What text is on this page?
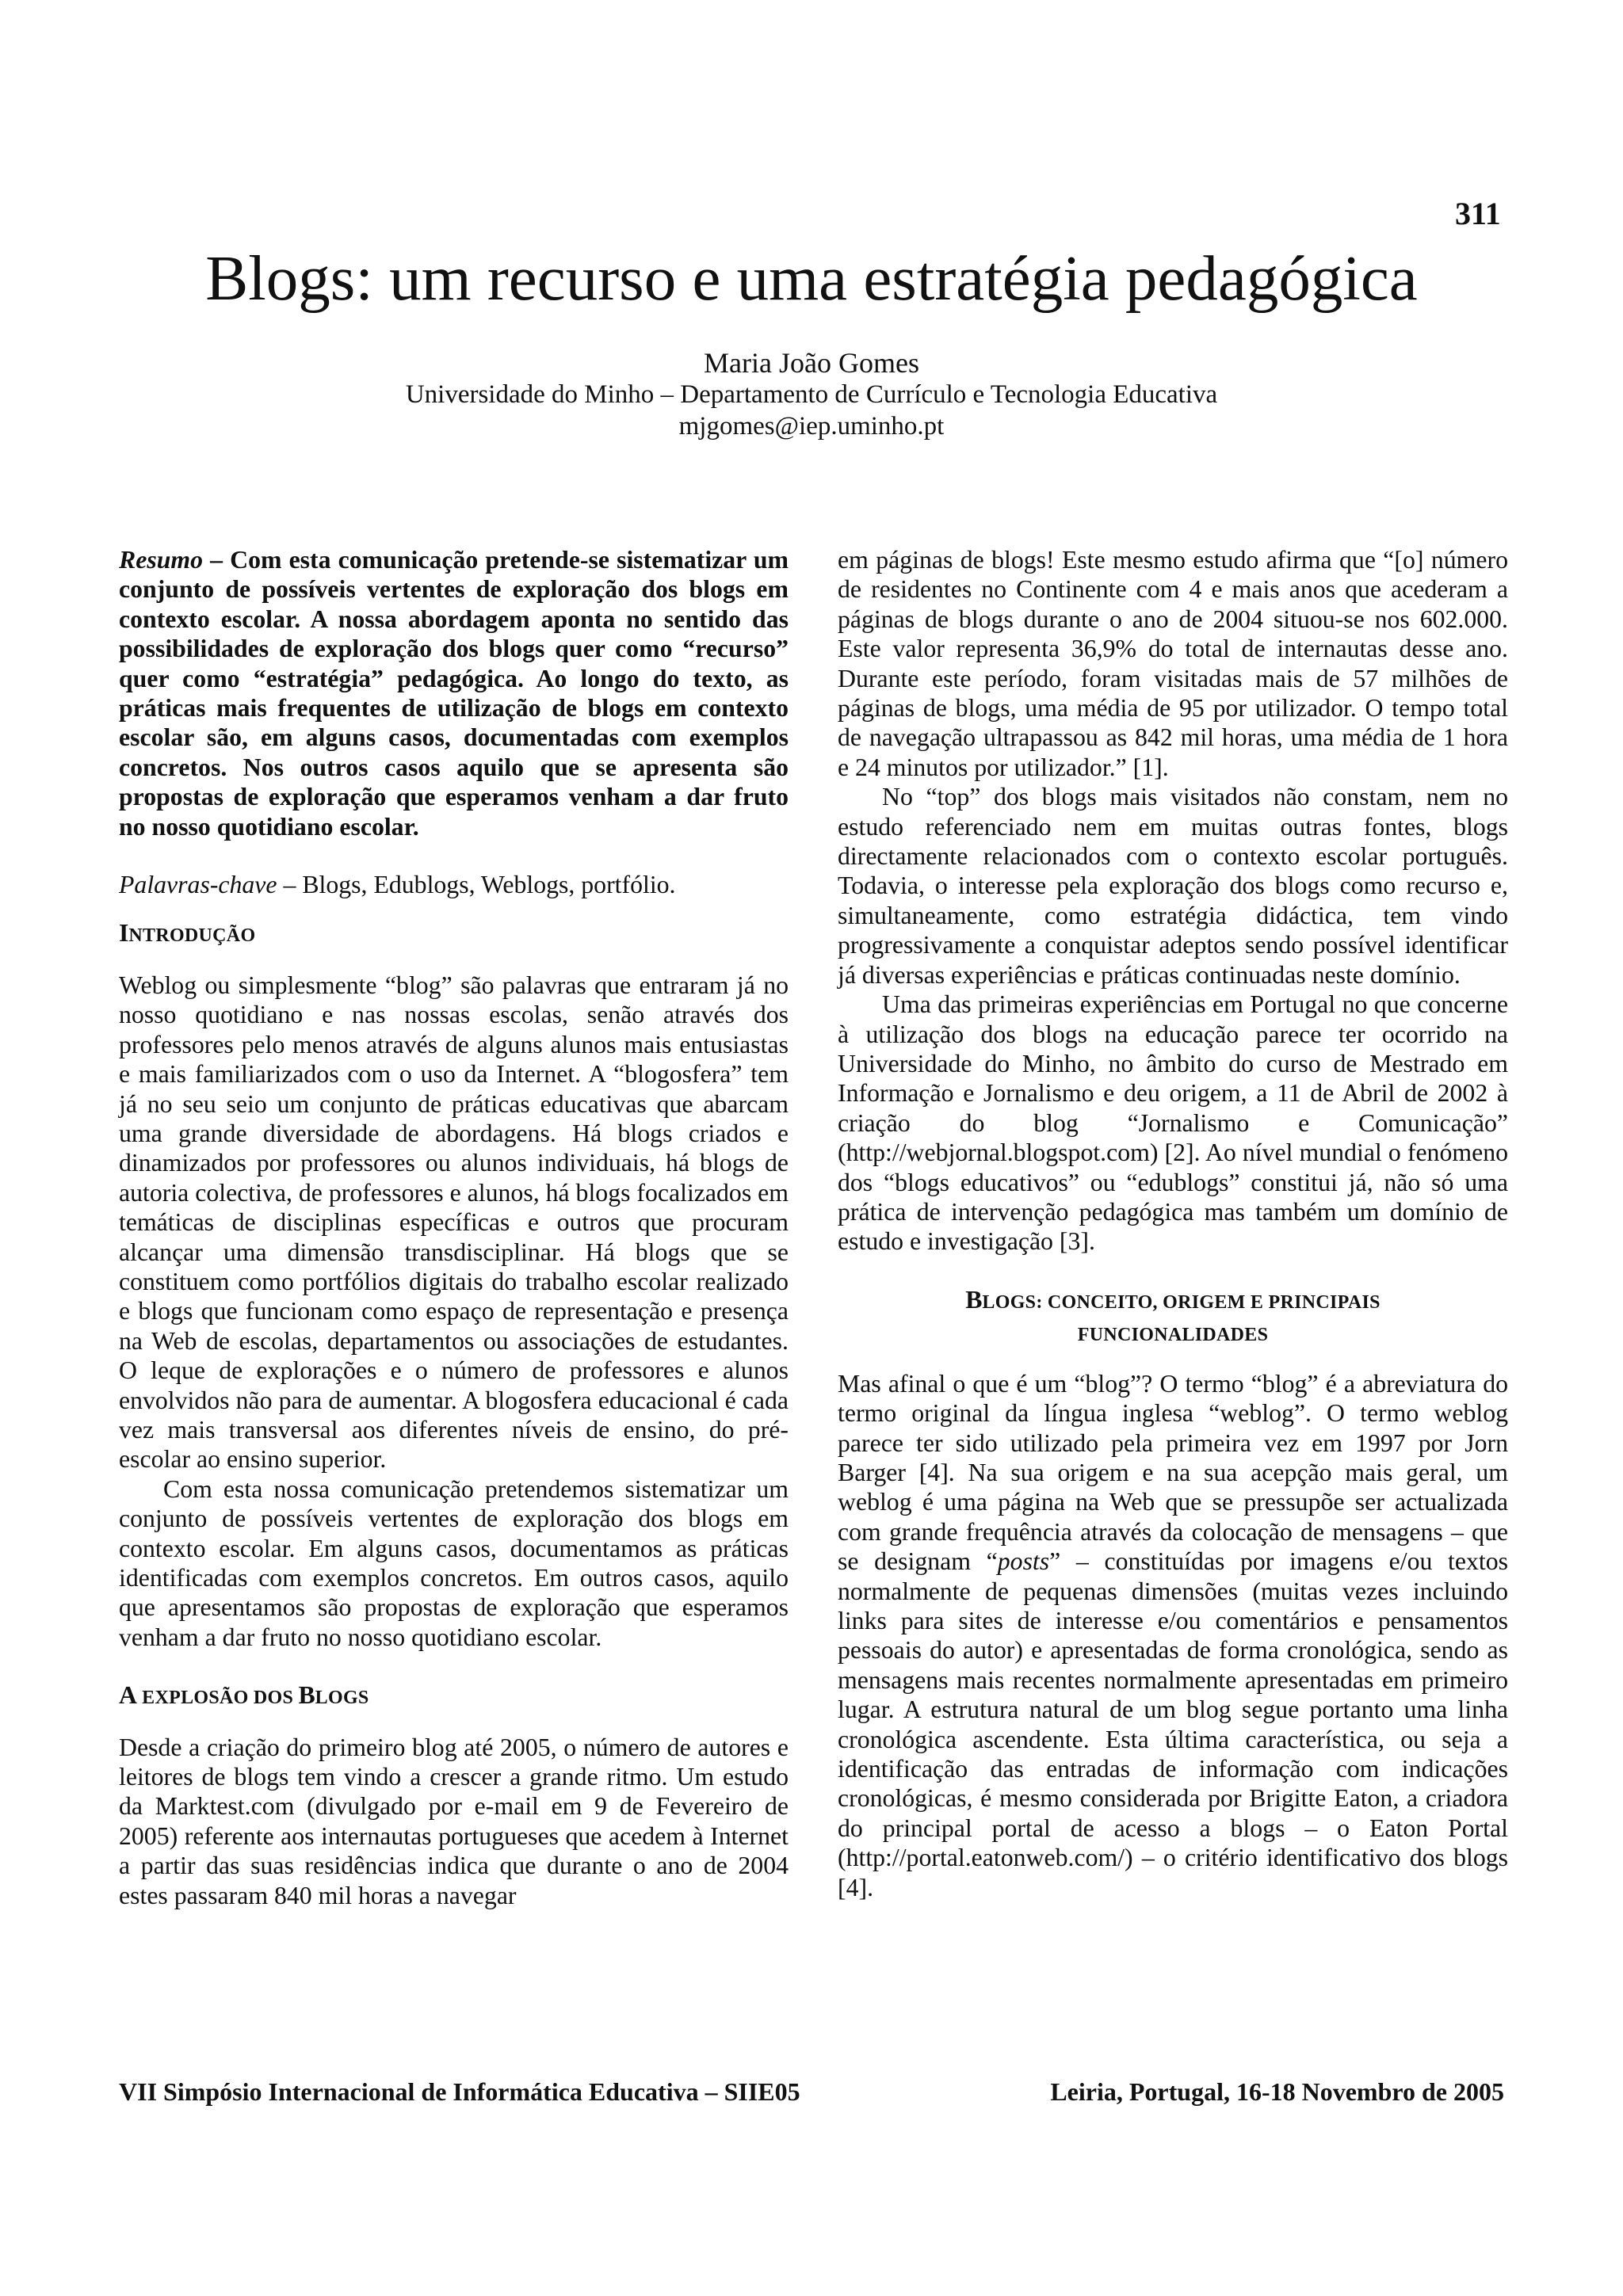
311
Blogs: um recurso e uma estratégia pedagógica
Maria João Gomes
Universidade do Minho – Departamento de Currículo e Tecnologia Educativa
mjgomes@iep.uminho.pt

Resumo – Com esta comunicação pretende-se sistematizar um conjunto de possíveis vertentes de exploração dos blogs em contexto escolar. A nossa abordagem aponta no sentido das possibilidades de exploração dos blogs quer como “recurso” quer como “estratégia” pedagógica. Ao longo do texto, as práticas mais frequentes de utilização de blogs em contexto escolar são, em alguns casos, documentadas com exemplos concretos. Nos outros casos aquilo que se apresenta são propostas de exploração que esperamos venham a dar fruto no nosso quotidiano escolar.

Palavras-chave – Blogs, Edublogs, Weblogs, portfólio.

INTRODUÇÃO

Weblog ou simplesmente “blog” são palavras que entraram já no nosso quotidiano e nas nossas escolas, senão através dos professores pelo menos através de alguns alunos mais entusiastas e mais familiarizados com o uso da Internet. A “blogosfera” tem já no seu seio um conjunto de práticas educativas que abarcam uma grande diversidade de abordagens. Há blogs criados e dinamizados por professores ou alunos individuais, há blogs de autoria colectiva, de professores e alunos, há blogs focalizados em temáticas de disciplinas específicas e outros que procuram alcançar uma dimensão transdisciplinar. Há blogs que se constituem como portfólios digitais do trabalho escolar realizado e blogs que funcionam como espaço de representação e presença na Web de escolas, departamentos ou associações de estudantes. O leque de explorações e o número de professores e alunos envolvidos não para de aumentar. A blogosfera educacional é cada vez mais transversal aos diferentes níveis de ensino, do pré-escolar ao ensino superior.

Com esta nossa comunicação pretendemos sistematizar um conjunto de possíveis vertentes de exploração dos blogs em contexto escolar. Em alguns casos, documentamos as práticas identificadas com exemplos concretos. Em outros casos, aquilo que apresentamos são propostas de exploração que esperamos venham a dar fruto no nosso quotidiano escolar.

A EXPLOSÃO DOS BLOGS

Desde a criação do primeiro blog até 2005, o número de autores e leitores de blogs tem vindo a crescer a grande ritmo. Um estudo da Marktest.com (divulgado por e-mail em 9 de Fevereiro de 2005) referente aos internautas portugueses que acedem à Internet a partir das suas residências indica que durante o ano de 2004 estes passaram 840 mil horas a navegar

em páginas de blogs! Este mesmo estudo afirma que “[o] número de residentes no Continente com 4 e mais anos que acederam a páginas de blogs durante o ano de 2004 situou-se nos 602.000. Este valor representa 36,9% do total de internautas desse ano. Durante este período, foram visitadas mais de 57 milhões de páginas de blogs, uma média de 95 por utilizador. O tempo total de navegação ultrapassou as 842 mil horas, uma média de 1 hora e 24 minutos por utilizador.” [1].

No “top” dos blogs mais visitados não constam, nem no estudo referenciado nem em muitas outras fontes, blogs directamente relacionados com o contexto escolar português. Todavia, o interesse pela exploração dos blogs como recurso e, simultaneamente, como estratégia didáctica, tem vindo progressivamente a conquistar adeptos sendo possível identificar já diversas experiências e práticas continuadas neste domínio.

Uma das primeiras experiências em Portugal no que concerne à utilização dos blogs na educação parece ter ocorrido na Universidade do Minho, no âmbito do curso de Mestrado em Informação e Jornalismo e deu origem, a 11 de Abril de 2002 à criação do blog “Jornalismo e Comunicação” (http://webjornal.blogspot.com) [2]. Ao nível mundial o fenómeno dos “blogs educativos” ou “edublogs” constitui já, não só uma prática de intervenção pedagógica mas também um domínio de estudo e investigação [3].

BLOGS: CONCEITO, ORIGEM E PRINCIPAIS
FUNCIONALIDADES

Mas afinal o que é um “blog”? O termo “blog” é a abreviatura do termo original da língua inglesa “weblog”. O termo weblog parece ter sido utilizado pela primeira vez em 1997 por Jorn Barger [4]. Na sua origem e na sua acepção mais geral, um weblog é uma página na Web que se pressupõe ser actualizada com grande frequência através da colocação de mensagens – que se designam “posts” – constituídas por imagens e/ou textos normalmente de pequenas dimensões (muitas vezes incluindo links para sites de interesse e/ou comentários e pensamentos pessoais do autor) e apresentadas de forma cronológica, sendo as mensagens mais recentes normalmente apresentadas em primeiro lugar. A estrutura natural de um blog segue portanto uma linha cronológica ascendente. Esta última característica, ou seja a identificação das entradas de informação com indicações cronológicas, é mesmo considerada por Brigitte Eaton, a criadora do principal portal de acesso a blogs – o Eaton Portal (http://portal.eatonweb.com/) – o critério identificativo dos blogs [4].

VII Simpósio Internacional de Informática Educativa – SIIE05	Leiria, Portugal, 16-18 Novembro de 2005
